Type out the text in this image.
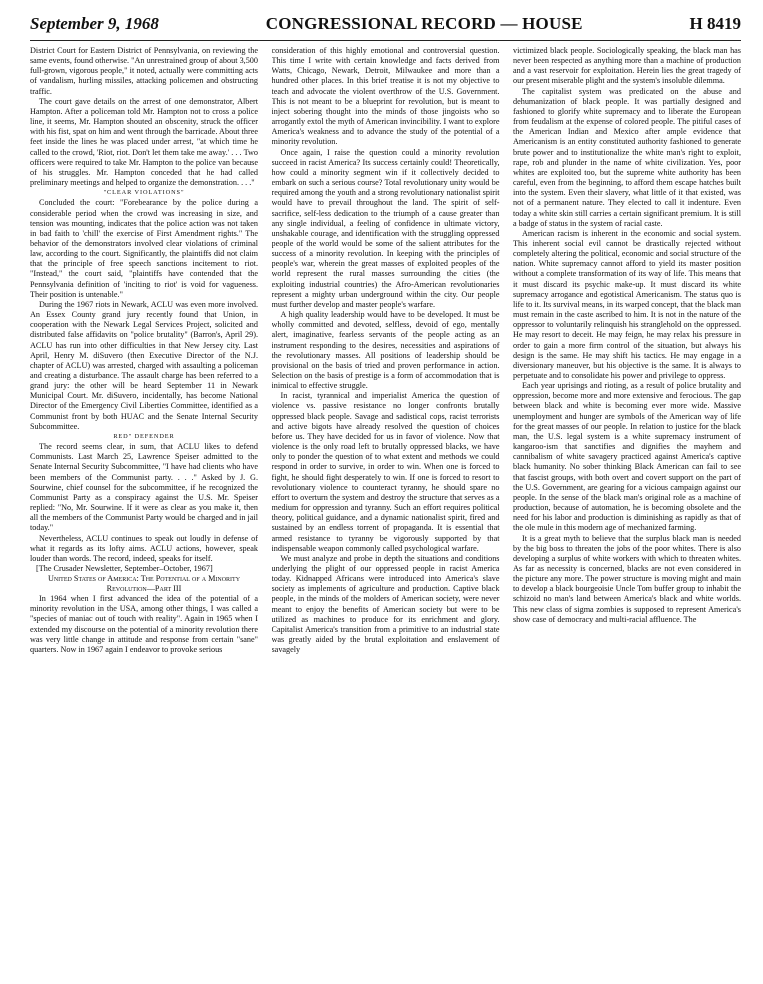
September 9, 1968	CONGRESSIONAL RECORD — HOUSE	H 8419

District Court for Eastern District of Pennsylvania, on reviewing the same events, found otherwise. "An unrestrained group of about 3,500 full-grown, vigorous people," it noted, actually were committing acts of vandalism, hurling missiles, attacking policemen and obstructing traffic.

The court gave details on the arrest of one demonstrator, Albert Hampton. After a policeman told Mr. Hampton not to cross a police line, it seems, Mr. Hampton shouted an obscenity, struck the officer with his fist, spat on him and went through the barricade. About three feet inside the lines he was placed under arrest, "at which time he called to the crowd, 'Riot, riot. Don't let them take me away.' . . . Two officers were required to take Mr. Hampton to the police van because of his struggles. Mr. Hampton conceded that he had called preliminary meetings and helped to organize the demonstration. . . ."

"CLEAR VIOLATIONS"

Concluded the court: "Forebearance by the police during a considerable period when the crowd was increasing in size, and tension was mounting, indicates that the police action was not taken in bad faith to 'chill' the exercise of First Amendment rights." The behavior of the demonstrators involved clear violations of criminal law, according to the court. Significantly, the plaintiffs did not claim that the principle of free speech sanctions incitement to riot. "Instead," the court said, "plaintiffs have contended that the Pennsylvania definition of 'inciting to riot' is void for vagueness. Their position is untenable."

During the 1967 riots in Newark, ACLU was even more involved. An Essex County grand jury recently found that Union, in cooperation with the Newark Legal Services Project, solicited and distributed false affidavits on "police brutality" (Barron's, April 29). ACLU has run into other difficulties in that New Jersey city. Last April, Henry M. diSuvero (then Executive Director of the N.J. chapter of ACLU) was arrested, charged with assaulting a policeman and creating a disturbance. The assault charge has been referred to a grand jury: the other will be heard September 11 in Newark Municipal Court. Mr. diSuvero, incidentally, has become National Director of the Emergency Civil Liberties Committee, identified as a Communist front by both HUAC and the Senate Internal Security Subcommittee.

RED" DEFENDER

The record seems clear, in sum, that ACLU likes to defend Communists. Last March 25, Lawrence Speiser admitted to the Senate Internal Security Subcommittee, "I have had clients who have been members of the Communist party. . . ." Asked by J. G. Sourwine, chief counsel for the subcommittee, if he recognized the Communist Party as a conspiracy against the U.S. Mr. Speiser replied: "No, Mr. Sourwine. If it were as clear as you make it, then all the members of the Communist Party would be charged and in jail today."

Nevertheless, ACLU continues to speak out loudly in defense of what it regards as its lofty aims. ACLU actions, however, speak louder than words. The record, indeed, speaks for itself.

[The Crusader Newsletter, September–October, 1967]

United States of America: The Potential of a Minority Revolution—Part III

In 1964 when I first advanced the idea of the potential of a minority revolution in the USA, among other things, I was called a "species of maniac out of touch with reality". Again in 1965 when I extended my discourse on the potential of a minority revolution there was very little change in attitude and response from certain "sane" quarters. Now in 1967 again I endeavor to provoke serious

consideration of this highly emotional and controversial question. This time I write with certain knowledge and facts derived from Watts, Chicago, Newark, Detroit, Milwaukee and more than a hundred other places. In this brief treatise it is not my objective to teach and advocate the violent overthrow of the U.S. Government. This is not meant to be a blueprint for revolution, but is meant to inject sobering thought into the minds of those jingoists who so arrogantly extol the myth of American invincibility. I want to explore America's weakness and to advance the study of the potential of a minority revolution.

Once again, I raise the question could a minority revolution succeed in racist America? Its success certainly could! Theoretically, how could a minority segment win if it collectively decided to embark on such a serious course? Total revolutionary unity would be required among the youth and a strong revolutionary nationalist spirit would have to prevail throughout the land. The spirit of self-sacrifice, self-less dedication to the triumph of a cause greater than any single individual, a feeling of confidence in ultimate victory, unshakable courage, and identification with the struggling oppressed people of the world would be some of the salient attributes for the success of a minority revolution. In keeping with the principles of people's war, wherein the great masses of exploited peoples of the world represent the rural masses surrounding the cities (the exploiting industrial countries) the Afro-American revolutionaries represent a mighty urban underground within the city. Our people must further develop and master people's warfare.

A high quality leadership would have to be developed. It must be wholly committed and devoted, selfless, devoid of ego, mentally alert, imaginative, fearless servants of the people acting as an instrument responding to the desires, necessities and aspirations of the revolutionary masses. All positions of leadership should be provisional on the basis of tried and proven performance in action. Selection on the basis of prestige is a form of accommodation that is inimical to effective struggle.

In racist, tyrannical and imperialist America the question of violence vs. passive resistance no longer confronts brutally oppressed black people. Savage and sadistical cops, racist terrorists and active bigots have already resolved the question of choices before us. They have decided for us in favor of violence. Now that violence is the only road left to brutally oppressed blacks, we have only to ponder the question of to what extent and methods we could respond in order to survive, in order to win. When one is forced to fight, he should fight desperately to win. If one is forced to resort to revolutionary violence to counteract tyranny, he should spare no effort to overturn the system and destroy the structure that serves as a medium for oppression and tyranny. Such an effort requires political theory, political guidance, and a dynamic nationalist spirit, fired and sustained by an endless torrent of propaganda. It is essential that armed resistance to tyranny be vigorously supported by that indispensable weapon commonly called psychological warfare.

We must analyze and probe in depth the situations and conditions underlying the plight of our oppressed people in racist America today. Kidnapped Africans were introduced into America's slave society as implements of agriculture and production. Captive black people, in the minds of the molders of American society, were never meant to enjoy the benefits of American society but were to be utilized as machines to produce for its enrichment and glory. Capitalist America's transition from a primitive to an industrial state was greatly aided by the brutal exploitation and enslavement of savagely

victimized black people. Sociologically speaking, the black man has never been respected as anything more than a machine of production and a vast reservoir for exploitation. Herein lies the great tragedy of our present miserable plight and the system's insoluble dilemma.

The capitalist system was predicated on the abuse and dehumanization of black people. It was partially designed and fashioned to glorify white supremacy and to liberate the European from feudalism at the expense of colored people. The pitiful cases of the American Indian and Mexico after ample evidence that Americanism is an entity constituted authority fashioned to generate brute power and to institutionalize the white man's right to exploit, rape, rob and plunder in the name of white civilization. Yes, poor whites are exploited too, but the supreme white authority has been careful, even from the beginning, to afford them escape hatches built into the system. Even their slavery, what little of it that existed, was not of a permanent nature. They elected to call it indenture. Even today a white skin still carries a certain significant premium. It is still a badge of status in the system of racial caste.

American racism is inherent in the economic and social system. This inherent social evil cannot be drastically rejected without completely altering the political, economic and social structure of the nation. White supremacy cannot afford to yield its master position without a complete transformation of its way of life. This means that it must discard its psychic make-up. It must discard its white supremacy arrogance and egotistical Americanism. The status quo is life to it. Its survival means, in its warped concept, that the black man must remain in the caste ascribed to him. It is not in the nature of the oppressor to voluntarily relinquish his stranglehold on the oppressed. He may resort to deceit. He may feign, he may relax his pressure in order to gain a more firm control of the situation, but always his design is the same. He may shift his tactics. He may engage in a diversionary maneuver, but his objective is the same. It is always to perpetuate and to consolidate his power and privilege to oppress.

Each year uprisings and rioting, as a result of police brutality and oppression, become more and more extensive and ferocious. The gap between black and white is becoming ever more wide. Massive unemployment and hunger are symbols of the American way of life for the great masses of our people. In relation to justice for the black man, the U.S. legal system is a white supremacy instrument of kangaroo-ism that sanctifies and dignifies the mayhem and cannibalism of white savagery practiced against America's captive black humanity. No sober thinking Black American can fail to see that fascist groups, with both overt and covert support on the part of the U.S. Government, are gearing for a vicious campaign against our people. In the sense of the black man's original role as a machine of production, because of automation, he is becoming obsolete and the need for his labor and production is diminishing as rapidly as that of the ole mule in this modern age of mechanized farming.

It is a great myth to believe that the surplus black man is needed by the big boss to threaten the jobs of the poor whites. There is also developing a surplus of white workers with which to threaten whites. As far as necessity is concerned, blacks are not even considered in the picture any more. The power structure is moving might and main to develop a black bourgeoisie Uncle Tom buffer group to inhabit the schizoid no man's land between America's black and white worlds. This new class of sigma zombies is supposed to represent America's show case of democracy and multi-racial affluence. The
